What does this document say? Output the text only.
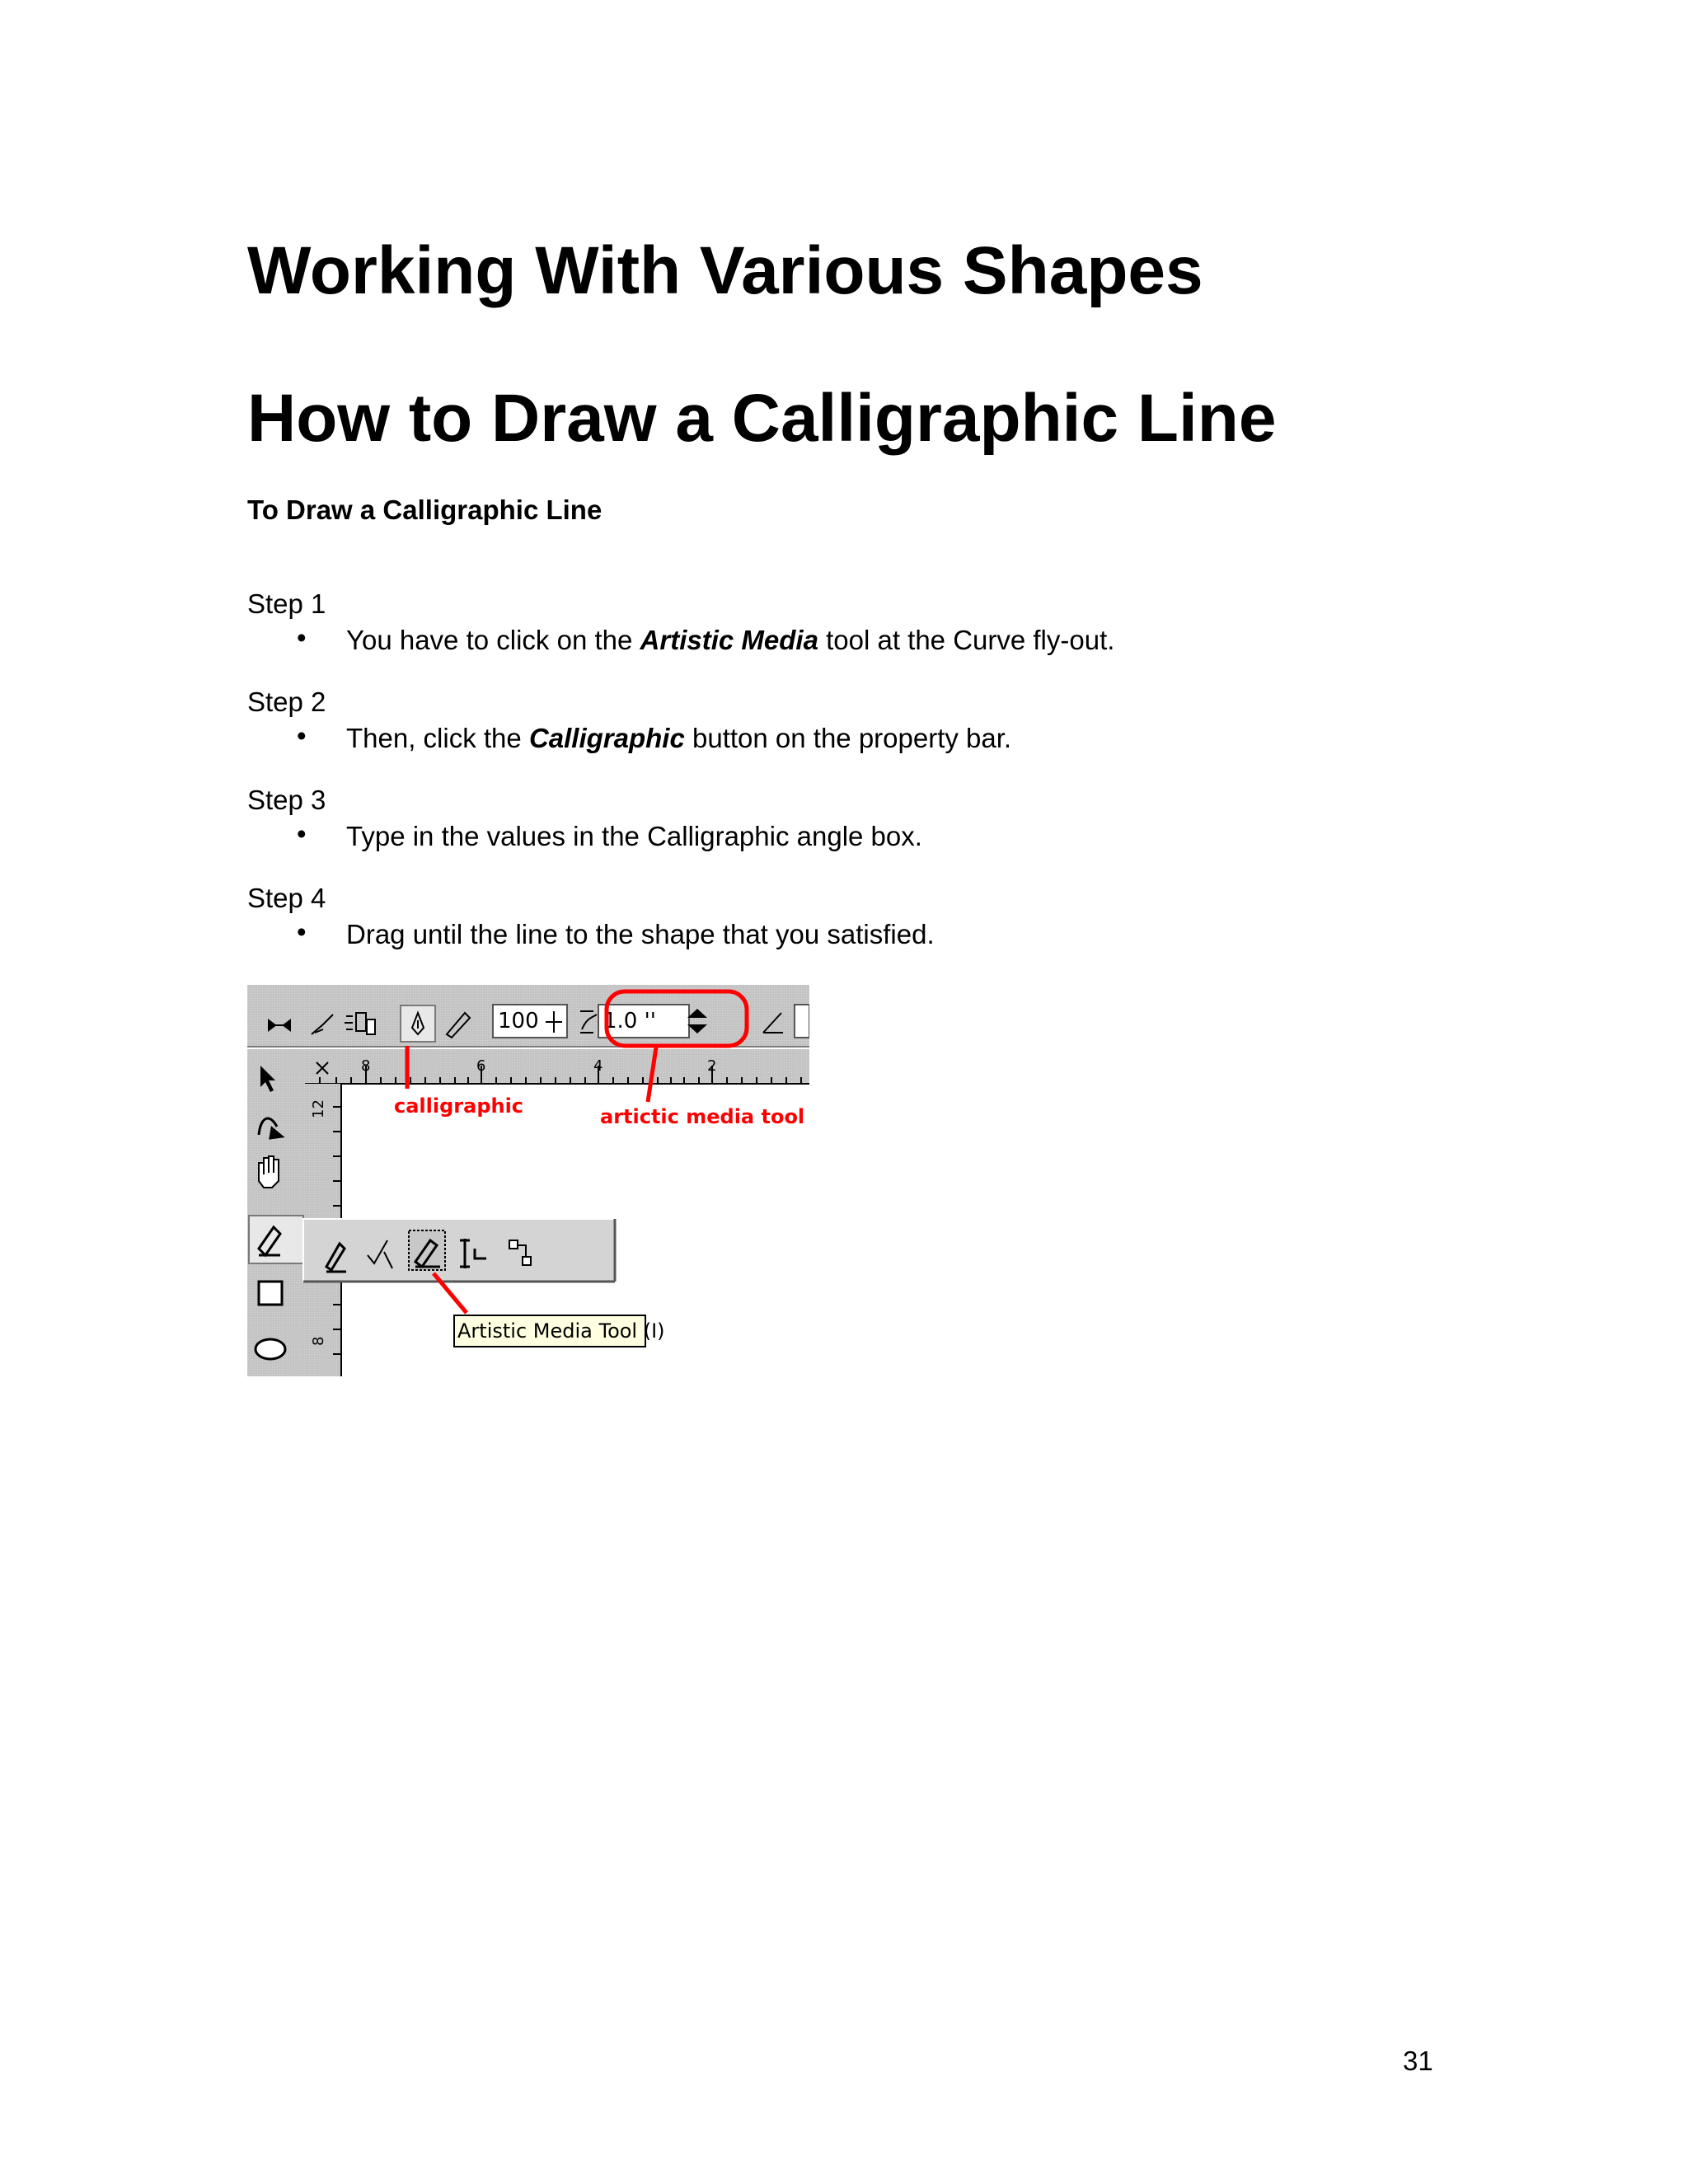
Working With Various Shapes
How to Draw a Calligraphic Line
To Draw a Calligraphic Line
Step 1
• You have to click on the Artistic Media tool at the Curve fly-out.
Step 2
• Then, click the Calligraphic button on the property bar.
Step 3
• Type in the values in the Calligraphic angle box.
Step 4
• Drag until the line to the shape that you satisfied.
100	1.0 ''
8	6	4	2
12
8	Artistic Media Tool (I)
calligraphic	artictic media tool
31
